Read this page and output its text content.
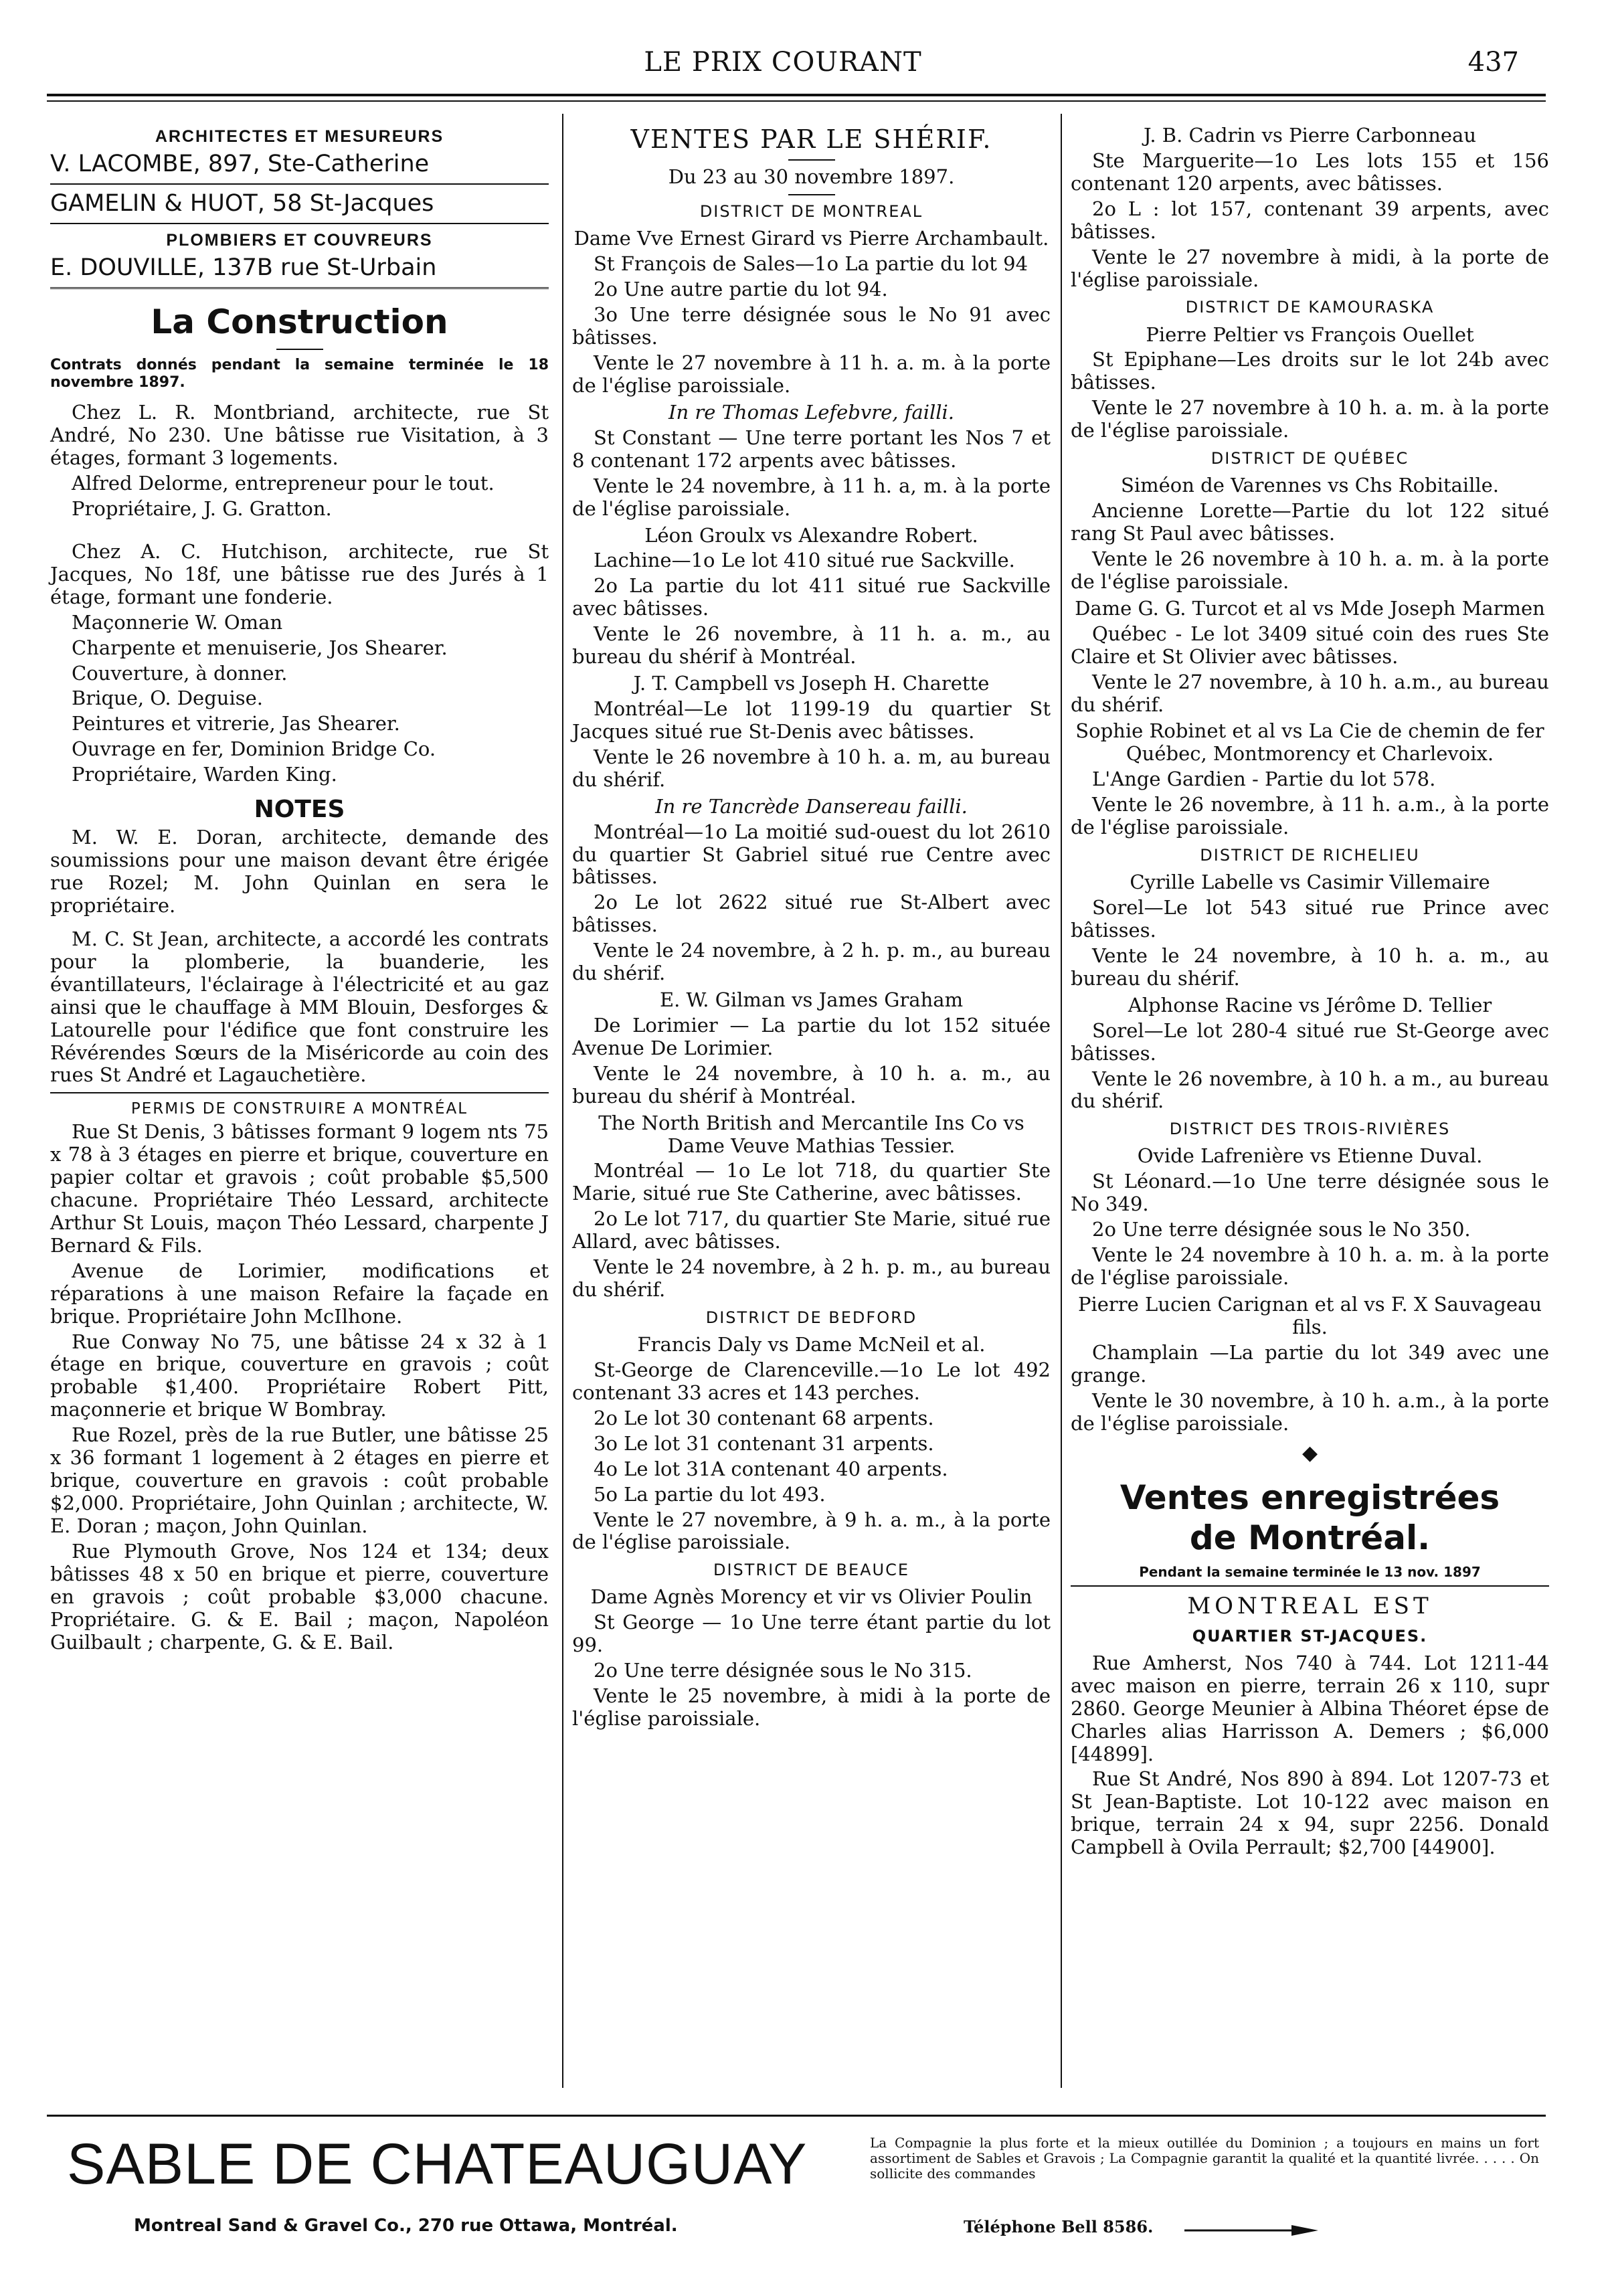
LE PRIX COURANT	437
ARCHITECTES ET MESUREURS
V. LACOMBE, 897, Ste-Catherine
GAMELIN & HUOT, 58 St-Jacques
PLOMBIERS ET COUVREURS
E. DOUVILLE, 137B rue St-Urbain
La Construction
Contrats donnés pendant la semaine terminée le 18 novembre 1897.

Chez L. R. Montbriand, architecte, rue St André, No 230. Une bâtisse rue Visitation, à 3 étages, formant 3 logements.

Alfred Delorme, entrepreneur pour le tout.

Propriétaire, J. G. Gratton.

Chez A. C. Hutchison, architecte, rue St Jacques, No 18f, une bâtisse rue des Jurés à 1 étage, formant une fonderie.

Maçonnerie W. Oman

Charpente et menuiserie, Jos Shearer.

Couverture, à donner.

Brique, O. Deguise.

Peintures et vitrerie, Jas Shearer.

Ouvrage en fer, Dominion Bridge Co.

Propriétaire, Warden King.

NOTES

M. W. E. Doran, architecte, demande des soumissions pour une maison devant être érigée rue Rozel; M. John Quinlan en sera le propriétaire.

M. C. St Jean, architecte, a accordé les contrats pour la plomberie, la buanderie, les évantillateurs, l'éclairage à l'électricité et au gaz ainsi que le chauffage à MM Blouin, Desforges & Latourelle pour l'édifice que font construire les Révérendes Sœurs de la Miséricorde au coin des rues St André et Lagauchetière.

PERMIS DE CONSTRUIRE A MONTRÉAL

Rue St Denis, 3 bâtisses formant 9 logem nts 75 x 78 à 3 étages en pierre et brique, couverture en papier coltar et gravois ; coût probable $5,500 chacune. Propriétaire Théo Lessard, architecte Arthur St Louis, maçon Théo Lessard, charpente J Bernard & Fils.

Avenue de Lorimier, modifications et réparations à une maison Refaire la façade en brique. Propriétaire John McIlhone.

Rue Conway No 75, une bâtisse 24 x 32 à 1 étage en brique, couverture en gravois ; coût probable $1,400. Propriétaire Robert Pitt, maçonnerie et brique W Bombray.

Rue Rozel, près de la rue Butler, une bâtisse 25 x 36 formant 1 logement à 2 étages en pierre et brique, couverture en gravois : coût probable $2,000. Propriétaire, John Quinlan ; architecte, W. E. Doran ; maçon, John Quinlan.

Rue Plymouth Grove, Nos 124 et 134; deux bâtisses 48 x 50 en brique et pierre, couverture en gravois ; coût probable $3,000 chacune. Propriétaire. G. & E. Bail ; maçon, Napoléon Guilbault ; charpente, G. & E. Bail.

VENTES PAR LE SHÉRIF.
Du 23 au 30 novembre 1897.
DISTRICT DE MONTREAL
Dame Vve Ernest Girard vs Pierre Archambault.

St François de Sales—1o La partie du lot 94

2o Une autre partie du lot 94.

3o Une terre désignée sous le No 91 avec bâtisses.

Vente le 27 novembre à 11 h. a. m. à la porte de l'église paroissiale.

In re Thomas Lefebvre, failli.

St Constant — Une terre portant les Nos 7 et 8 contenant 172 arpents avec bâtisses.

Vente le 24 novembre, à 11 h. a, m. à la porte de l'église paroissiale.

Léon Groulx vs Alexandre Robert.

Lachine—1o Le lot 410 situé rue Sackville.

2o La partie du lot 411 situé rue Sackville avec bâtisses.

Vente le 26 novembre, à 11 h. a. m., au bureau du shérif à Montréal.

J. T. Campbell vs Joseph H. Charette

Montréal—Le lot 1199-19 du quartier St Jacques situé rue St-Denis avec bâtisses.

Vente le 26 novembre à 10 h. a. m, au bureau du shérif.

In re Tancrède Dansereau failli.

Montréal—1o La moitié sud-ouest du lot 2610 du quartier St Gabriel situé rue Centre avec bâtisses.

2o Le lot 2622 situé rue St-Albert avec bâtisses.

Vente le 24 novembre, à 2 h. p. m., au bureau du shérif.

E. W. Gilman vs James Graham

De Lorimier — La partie du lot 152 située Avenue De Lorimier.

Vente le 24 novembre, à 10 h. a. m., au bureau du shérif à Montréal.

The North British and Mercantile Ins Co vs Dame Veuve Mathias Tessier.

Montréal — 1o Le lot 718, du quartier Ste Marie, situé rue Ste Catherine, avec bâtisses.

2o Le lot 717, du quartier Ste Marie, situé rue Allard, avec bâtisses.

Vente le 24 novembre, à 2 h. p. m., au bureau du shérif.

DISTRICT DE BEDFORD
Francis Daly vs Dame McNeil et al.

St-George de Clarenceville.—1o Le lot 492 contenant 33 acres et 143 perches.

2o Le lot 30 contenant 68 arpents.

3o Le lot 31 contenant 31 arpents.

4o Le lot 31A contenant 40 arpents.

5o La partie du lot 493.

Vente le 27 novembre, à 9 h. a. m., à la porte de l'église paroissiale.

DISTRICT DE BEAUCE
Dame Agnès Morency et vir vs Olivier Poulin

St George — 1o Une terre étant partie du lot 99.

2o Une terre désignée sous le No 315.

Vente le 25 novembre, à midi à la porte de l'église paroissiale.

J. B. Cadrin vs Pierre Carbonneau

Ste Marguerite—1o Les lots 155 et 156 contenant 120 arpents, avec bâtisses.

2o L : lot 157, contenant 39 arpents, avec bâtisses.

Vente le 27 novembre à midi, à la porte de l'église paroissiale.

DISTRICT DE KAMOURASKA
Pierre Peltier vs François Ouellet

St Epiphane—Les droits sur le lot 24b avec bâtisses.

Vente le 27 novembre à 10 h. a. m. à la porte de l'église paroissiale.

DISTRICT DE QUÉBEC
Siméon de Varennes vs Chs Robitaille.

Ancienne Lorette—Partie du lot 122 situé rang St Paul avec bâtisses.

Vente le 26 novembre à 10 h. a. m. à la porte de l'église paroissiale.

Dame G. G. Turcot et al vs Mde Joseph Marmen

Québec - Le lot 3409 situé coin des rues Ste Claire et St Olivier avec bâtisses.

Vente le 27 novembre, à 10 h. a.m., au bureau du shérif.

Sophie Robinet et al vs La Cie de chemin de fer Québec, Montmorency et Charlevoix.

L'Ange Gardien - Partie du lot 578.

Vente le 26 novembre, à 11 h. a.m., à la porte de l'église paroissiale.

DISTRICT DE RICHELIEU
Cyrille Labelle vs Casimir Villemaire

Sorel—Le lot 543 situé rue Prince avec bâtisses.

Vente le 24 novembre, à 10 h. a. m., au bureau du shérif.

Alphonse Racine vs Jérôme D. Tellier

Sorel—Le lot 280-4 situé rue St-George avec bâtisses.

Vente le 26 novembre, à 10 h. a m., au bureau du shérif.

DISTRICT DES TROIS-RIVIÈRES
Ovide Lafrenière vs Etienne Duval.

St Léonard.—1o Une terre désignée sous le No 349.

2o Une terre désignée sous le No 350.

Vente le 24 novembre à 10 h. a. m. à la porte de l'église paroissiale.

Pierre Lucien Carignan et al vs F. X Sauvageau fils.

Champlain —La partie du lot 349 avec une grange.

Vente le 30 novembre, à 10 h. a.m., à la porte de l'église paroissiale.

◆
Ventes enregistrées
de Montréal.
Pendant la semaine terminée le 13 nov. 1897
MONTREAL EST
QUARTIER ST-JACQUES.

Rue Amherst, Nos 740 à 744. Lot 1211-44 avec maison en pierre, terrain 26 x 110, supr 2860. George Meunier à Albina Théoret épse de Charles alias Harrisson A. Demers ; $6,000 [44899].

Rue St André, Nos 890 à 894. Lot 1207-73 et St Jean-Baptiste. Lot 10-122 avec maison en brique, terrain 24 x 94, supr 2256. Donald Campbell à Ovila Perrault; $2,700 [44900].

SABLE DE CHATEAUGUAY
Montreal Sand & Gravel Co., 270 rue Ottawa, Montréal.
La Compagnie la plus forte et la mieux outillée du Dominion ; a toujours en mains un fort assortiment de Sables et Gravois ; La Compagnie garantit la qualité et la quantité livrée. . . . . On sollicite des commandes
Téléphone Bell 8586.
